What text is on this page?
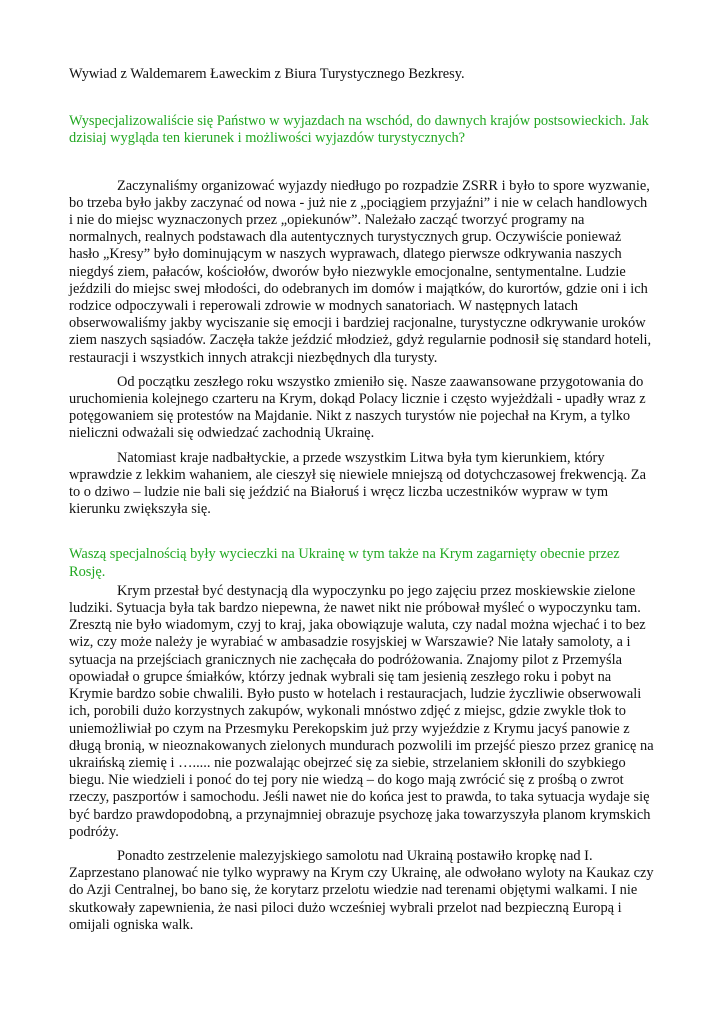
Wywiad z Waldemarem Ławeckim z Biura Turystycznego Bezkresy.

Wyspecjalizowaliście się Państwo w wyjazdach na wschód, do dawnych krajów postsowieckich. Jak dzisiaj wygląda ten kierunek i możliwości wyjazdów turystycznych?

Zaczynaliśmy organizować wyjazdy niedługo po rozpadzie ZSRR i było to spore wyzwanie, bo trzeba było jakby zaczynać od nowa - już nie z „pociągiem przyjaźni” i nie w celach handlowych i nie do miejsc wyznaczonych przez „opiekunów”. Należało zacząć tworzyć programy na normalnych, realnych podstawach dla autentycznych turystycznych grup. Oczywiście ponieważ hasło „Kresy” było dominującym w naszych wyprawach, dlatego pierwsze odkrywania naszych niegdyś ziem, pałaców, kościołów, dworów było niezwykle emocjonalne, sentymentalne. Ludzie jeździli do miejsc swej młodości, do odebranych im domów i majątków, do kurortów, gdzie oni i ich rodzice odpoczywali i reperowali zdrowie w modnych sanatoriach. W następnych latach obserwowaliśmy jakby wyciszanie się emocji i bardziej racjonalne, turystyczne odkrywanie uroków ziem naszych sąsiadów. Zaczęła także jeździć młodzież, gdyż regularnie podnosił się standard hoteli, restauracji i wszystkich innych atrakcji niezbędnych dla turysty.

Od początku zeszłego roku wszystko zmieniło się. Nasze zaawansowane przygotowania do uruchomienia kolejnego czarteru na Krym, dokąd Polacy licznie i często wyjeżdżali - upadły wraz z potęgowaniem się protestów na Majdanie. Nikt z naszych turystów nie pojechał na Krym, a tylko nieliczni odważali się odwiedzać zachodnią Ukrainę.

Natomiast kraje nadbałtyckie, a przede wszystkim Litwa była tym kierunkiem, który wprawdzie z lekkim wahaniem, ale cieszył się niewiele mniejszą od dotychczasowej frekwencją. Za to o dziwo – ludzie nie bali się jeździć na Białoruś i wręcz liczba uczestników wypraw w tym kierunku zwiększyła się.

Waszą specjalnością były wycieczki na Ukrainę w tym także na Krym zagarnięty obecnie przez Rosję.

Krym przestał być destynacją dla wypoczynku po jego zajęciu przez moskiewskie zielone ludziki. Sytuacja była tak bardzo niepewna, że nawet nikt nie próbował myśleć o wypoczynku tam. Zresztą nie było wiadomym, czyj to kraj, jaka obowiązuje waluta, czy nadal można wjechać i to bez wiz, czy może należy je wyrabiać w ambasadzie rosyjskiej w Warszawie? Nie latały samoloty, a i sytuacja na przejściach granicznych nie zachęcała do podróżowania. Znajomy pilot z Przemyśla opowiadał o grupce śmiałków, którzy jednak wybrali się tam jesienią zeszłego roku i pobyt na Krymie bardzo sobie chwalili. Było pusto w hotelach i restauracjach, ludzie życzliwie obserwowali ich, porobili dużo korzystnych zakupów, wykonali mnóstwo zdjęć z miejsc, gdzie zwykle tłok to uniemożliwiał po czym na Przesmyku Perekopskim już przy wyjeździe z Krymu jacyś panowie z długą bronią, w nieoznakowanych zielonych mundurach pozwolili im przejść pieszo przez granicę na ukraińską ziemię i …..... nie pozwalając obejrzeć się za siebie, strzelaniem skłonili do szybkiego biegu. Nie wiedzieli i ponoć do tej pory nie wiedzą – do kogo mają zwrócić się z prośbą o zwrot rzeczy, paszportów i samochodu. Jeśli nawet nie do końca jest to prawda, to taka sytuacja wydaje się być bardzo prawdopodobną, a przynajmniej obrazuje psychozę jaka towarzyszyła planom krymskich podróży.

Ponadto zestrzelenie malezyjskiego samolotu nad Ukrainą postawiło kropkę nad I. Zaprzestano planować nie tylko wyprawy na Krym czy Ukrainę, ale odwołano wyloty na Kaukaz czy do Azji Centralnej, bo bano się, że korytarz przelotu wiedzie nad terenami objętymi walkami. I nie skutkowały zapewnienia, że nasi piloci dużo wcześniej wybrali przelot nad bezpieczną Europą i omijali ogniska walk.
